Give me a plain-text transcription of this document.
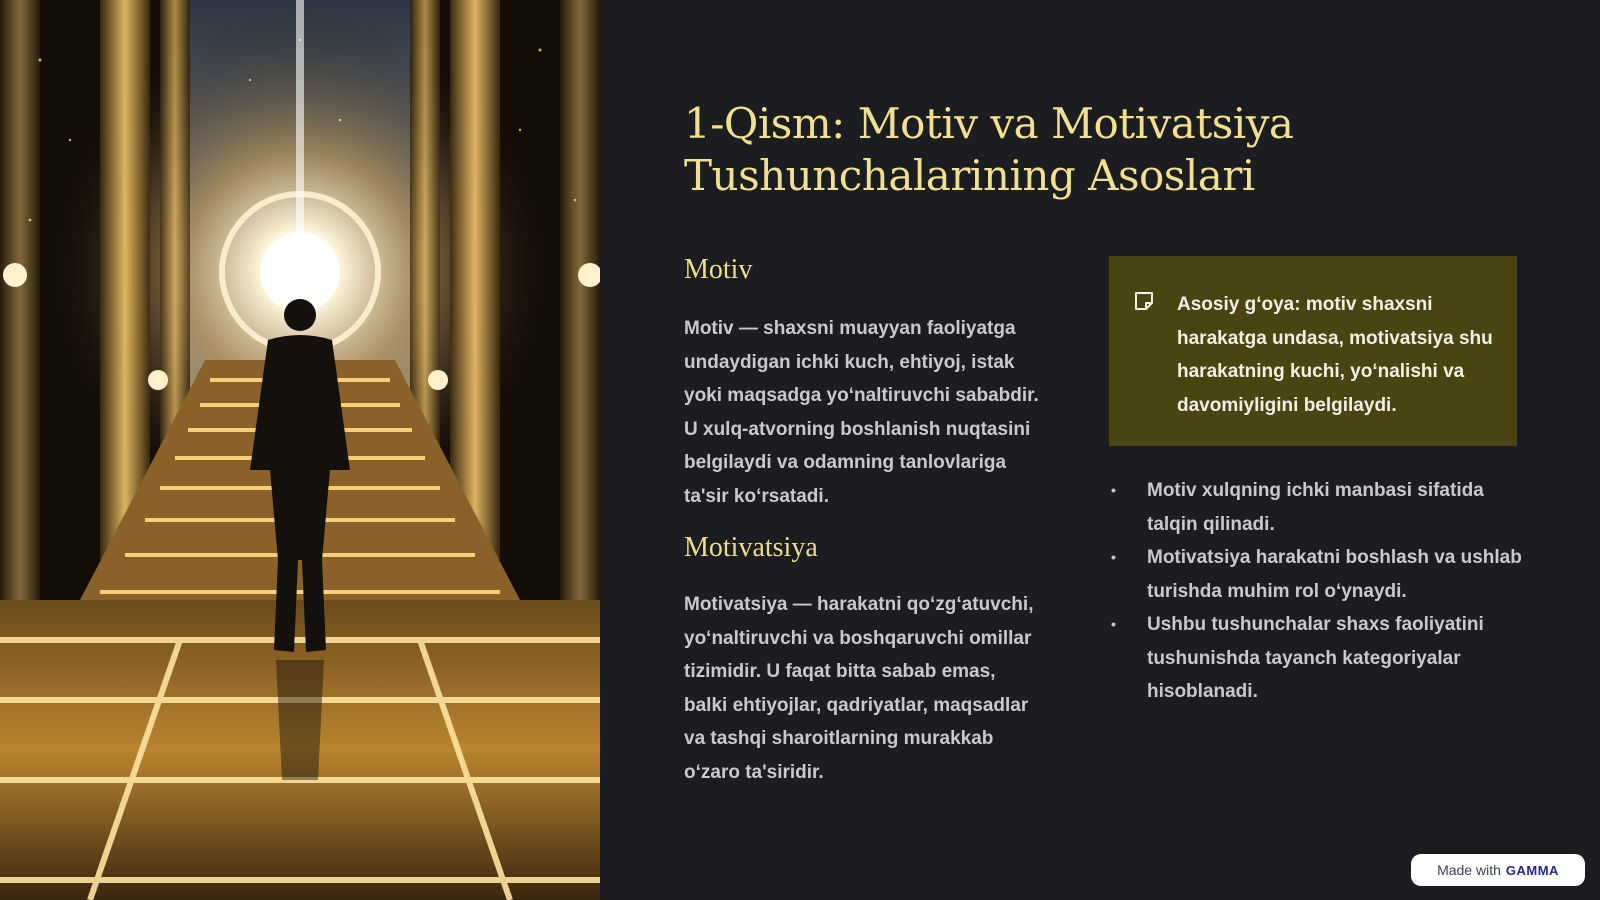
1-Qism: Motiv va Motivatsiya Tushunchalarining Asoslari
Motiv

Motiv — shaxsni muayyan faoliyatga undaydigan ichki kuch, ehtiyoj, istak yoki maqsadga yo‘naltiruvchi sababdir. U xulq-atvorning boshlanish nuqtasini belgilaydi va odamning tanlovlariga ta'sir ko‘rsatadi.

Motivatsiya

Motivatsiya — harakatni qo‘zg‘atuvchi, yo‘naltiruvchi va boshqaruvchi omillar tizimidir. U faqat bitta sabab emas, balki ehtiyojlar, qadriyatlar, maqsadlar va tashqi sharoitlarning murakkab o‘zaro ta'siridir.

Asosiy g‘oya: motiv shaxsni harakatga undasa, motivatsiya shu harakatning kuchi, yo‘nalishi va davomiyligini belgilaydi.

• Motiv xulqning ichki manbasi sifatida talqin qilinadi.
• Motivatsiya harakatni boshlash va ushlab turishda muhim rol o‘ynaydi.
• Ushbu tushunchalar shaxs faoliyatini tushunishda tayanch kategoriyalar hisoblanadi.
Made with GAMMA
